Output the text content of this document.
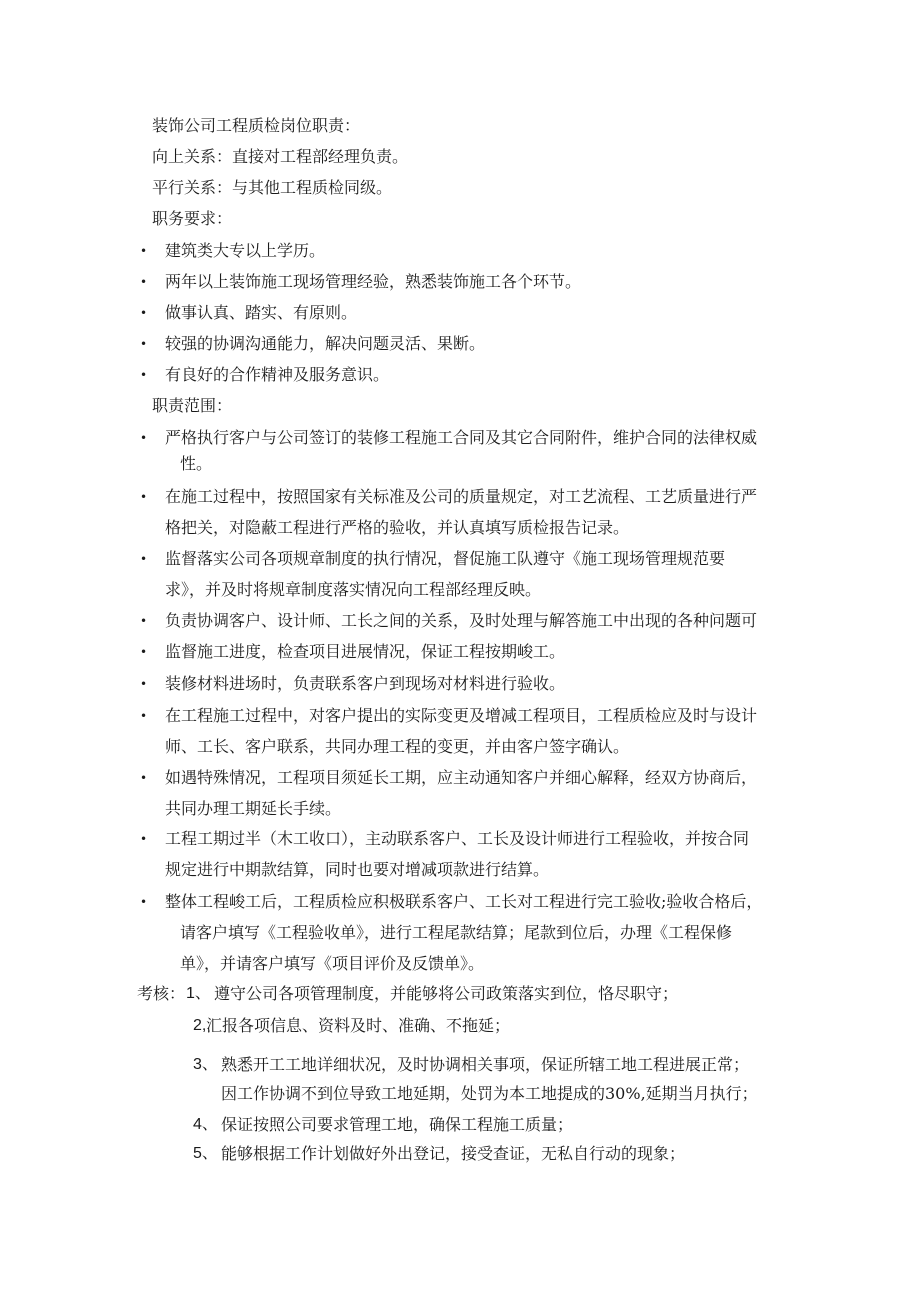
装饰公司工程质检岗位职责：
向上关系：直接对工程部经理负责。
平行关系：与其他工程质检同级。
职务要求：
• 建筑类大专以上学历。
• 两年以上装饰施工现场管理经验，熟悉装饰施工各个环节。
• 做事认真、踏实、有原则。
• 较强的协调沟通能力，解决问题灵活、果断。
• 有良好的合作精神及服务意识。
职责范围：
• 严格执行客户与公司签订的装修工程施工合同及其它合同附件，维护合同的法律权威
性。
• 在施工过程中，按照国家有关标准及公司的质量规定，对工艺流程、工艺质量进行严
格把关，对隐蔽工程进行严格的验收，并认真填写质检报告记录。
• 监督落实公司各项规章制度的执行情况，督促施工队遵守《施工现场管理规范要
求》，并及时将规章制度落实情况向工程部经理反映。
• 负责协调客户、设计师、工长之间的关系，及时处理与解答施工中出现的各种问题可
• 监督施工进度，检查项目进展情况，保证工程按期峻工。
• 装修材料进场时，负责联系客户到现场对材料进行验收。
• 在工程施工过程中，对客户提出的实际变更及增减工程项目，工程质检应及时与设计
师、工长、客户联系，共同办理工程的变更，并由客户签字确认。
• 如遇特殊情况，工程项目须延长工期，应主动通知客户并细心解释，经双方协商后，
共同办理工期延长手续。
• 工程工期过半（木工收口），主动联系客户、工长及设计师进行工程验收，并按合同
规定进行中期款结算，同时也要对增减项款进行结算。
• 整体工程峻工后，工程质检应积极联系客户、工长对工程进行完工验收;验收合格后，
请客户填写《工程验收单》，进行工程尾款结算；尾款到位后，办理《工程保修
单》，并请客户填写《项目评价及反馈单》。
考核： 1、 遵守公司各项管理制度，并能够将公司政策落实到位，恪尽职守；
2, 汇报各项信息、资料及时、准确、不拖延；
3、 熟悉开工工地详细状况，及时协调相关事项，保证所辖工地工程进展正常；
因工作协调不到位导致工地延期，处罚为本工地提成的30%,延期当月执行；
4、 保证按照公司要求管理工地，确保工程施工质量；
5、 能够根据工作计划做好外出登记，接受查证，无私自行动的现象；
